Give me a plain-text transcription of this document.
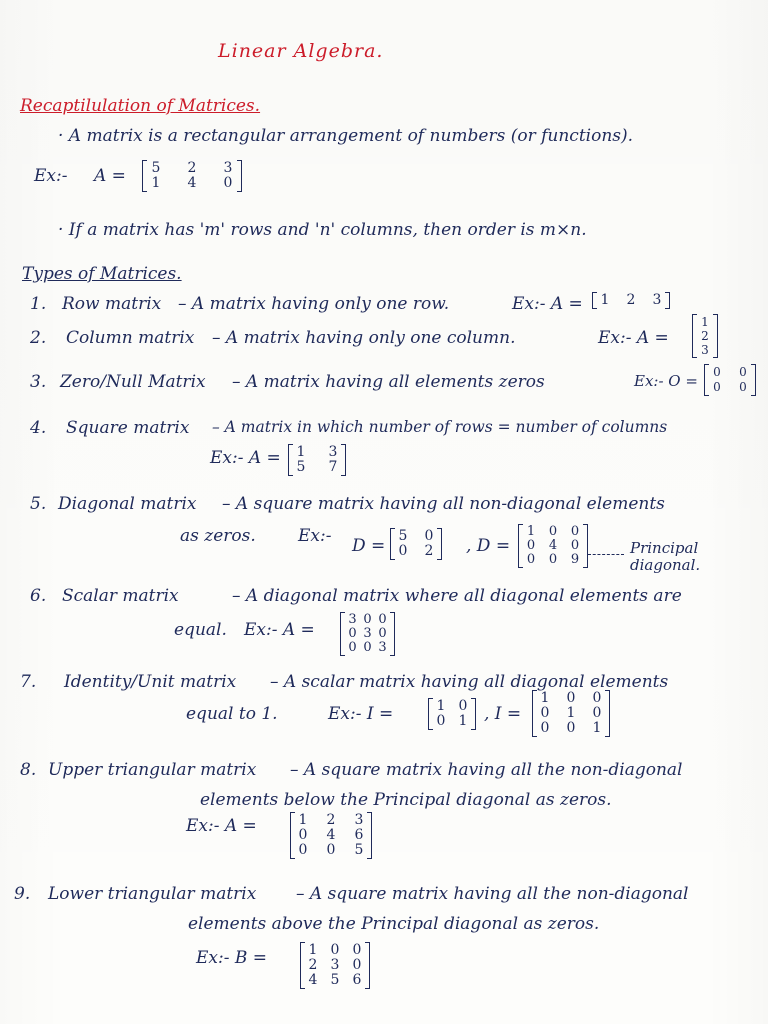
Linear Algebra.
Recaptilulation of Matrices.
· A matrix is a rectangular arrangement of numbers (or functions).
Ex:- A = 5 2 3
1 4 0
· If a matrix has 'm' rows and 'n' columns, then order is m×n.
Types of Matrices.
1. Row matrix – A matrix having only one row.	Ex:- A = 1 2 3
2. Column matrix – A matrix having only one column.	Ex:- A =
1
2
3
3. Zero/Null Matrix – A matrix having all elements zeros	Ex:- O = 0 0
0 0
4. Square matrix – A matrix in which number of rows = number of columns
Ex:- A = 1 3
5 7
5. Diagonal matrix – A square matrix having all non-diagonal elements
as zeros. Ex:- D = 5 0
0 2 , D =
1 0 0
0 4 0
0 0 9
Principal diagonal.
6. Scalar matrix	– A diagonal matrix where all diagonal elements are
equal. Ex:- A =
3 0 0
0 3 0
0 0 3
7. Identity/Unit matrix – A scalar matrix having all diagonal elements
equal to 1.	Ex:- I =	1 0
0 1 , I =
1 0 0
0 1 0
0 0 1
8. Upper triangular matrix – A square matrix having all the non-diagonal
elements below the Principal diagonal as zeros.
Ex:- A =	1 2 3
0 4 6
0 0 5
9. Lower triangular matrix – A square matrix having all the non-diagonal
elements above the Principal diagonal as zeros.
Ex:- B =	1 0 0
2 3 0
4 5 6
